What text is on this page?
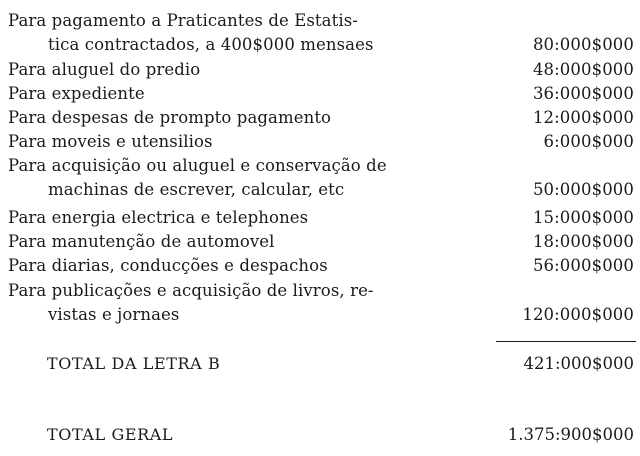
Para pagamento a Praticantes de Estatis-
tica contractados, a 400$000 mensaes	80:000$000
Para aluguel do predio	48:000$000
Para expediente	36:000$000
Para despesas de prompto pagamento	12:000$000
Para moveis e utensilios	6:000$000
Para acquisição ou aluguel e conservação de
machinas de escrever, calcular, etc	50:000$000
Para energia electrica e telephones	15:000$000
Para manutenção de automovel	18:000$000
Para diarias, conducções e despachos	56:000$000
Para publicações e acquisição de livros, re-
vistas e jornaes	120:000$000
TOTAL DA LETRA B	421:000$000
TOTAL GERAL	1.375:900$000
